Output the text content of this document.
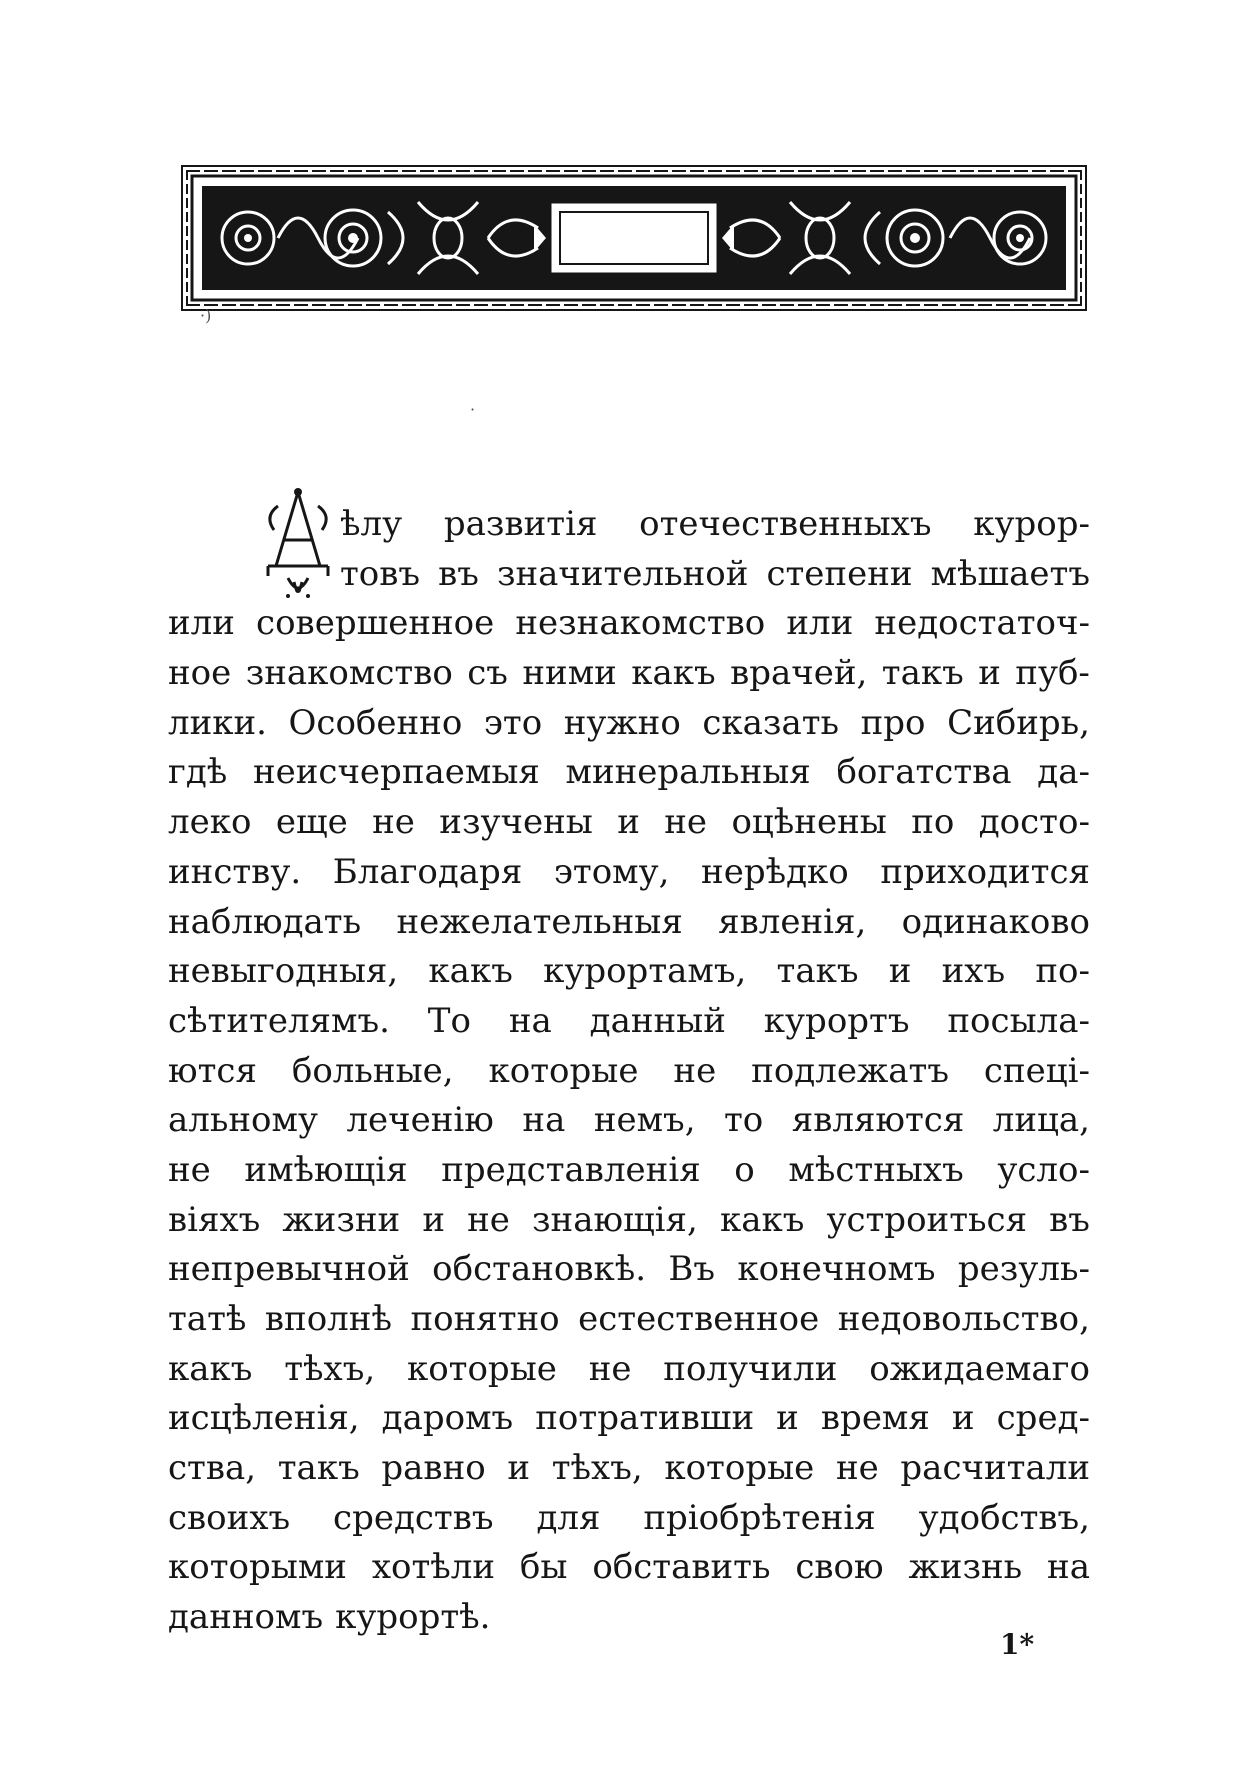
·)
·
ѣлу развитія отечественныхъ курор-
товъ въ значительной степени мѣшаетъ
или совершенное незнакомство или недостаточ-
ное знакомство съ ними какъ врачей, такъ и пуб-
лики. Особенно это нужно сказать про Сибирь,
гдѣ неисчерпаемыя минеральныя богатства да-
леко еще не изучены и не оцѣнены по досто-
инству. Благодаря этому, нерѣдко приходится
наблюдать нежелательныя явленія, одинаково
невыгодныя, какъ курортамъ, такъ и ихъ по-
сѣтителямъ. То на данный курортъ посыла-
ются больные, которые не подлежатъ спеці-
альному леченію на немъ, то являются лица,
не имѣющія представленія о мѣстныхъ усло-
віяхъ жизни и не знающія, какъ устроиться въ
непревычной обстановкѣ. Въ конечномъ резуль-
татѣ вполнѣ понятно естественное недовольство,
какъ тѣхъ, которые не получили ожидаемаго
исцѣленія, даромъ потративши и время и сред-
ства, такъ равно и тѣхъ, которые не расчитали
своихъ средствъ для пріобрѣтенія удобствъ,
которыми хотѣли бы обставить свою жизнь на
данномъ курортѣ.
1*
